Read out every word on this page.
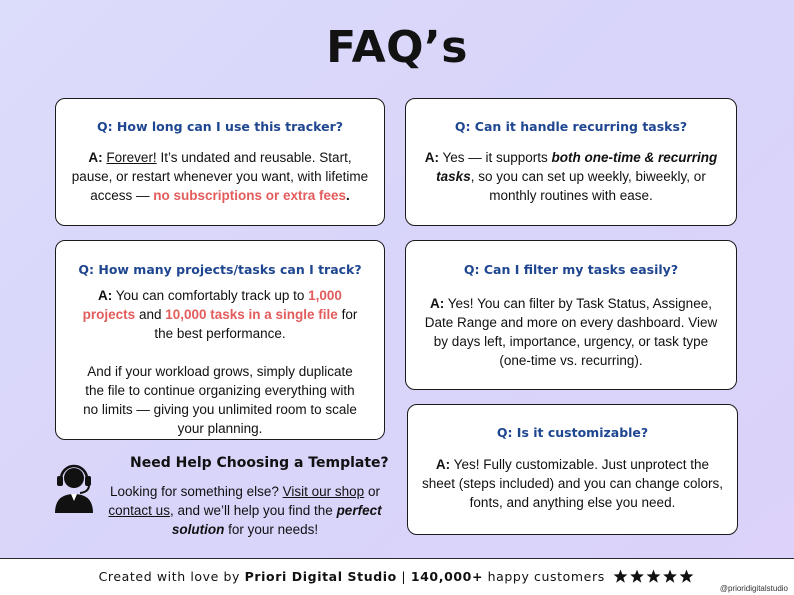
FAQ’s
Q: How long can I use this tracker?
A: Forever! It’s undated and reusable. Start, pause, or restart whenever you want, with lifetime access — no subscriptions or extra fees.
Q: Can it handle recurring tasks?
A: Yes — it supports both one-time & recurring tasks, so you can set up weekly, biweekly, or monthly routines with ease.
Q: How many projects/tasks can I track?
A: You can comfortably track up to 1,000 projects and 10,000 tasks in a single file for the best performance.
And if your workload grows, simply duplicate the file to continue organizing everything with no limits — giving you unlimited room to scale your planning.
Q: Can I filter my tasks easily?
A: Yes! You can filter by Task Status, Assignee, Date Range and more on every dashboard. View by days left, importance, urgency, or task type (one-time vs. recurring).
Q: Is it customizable?
A: Yes! Fully customizable. Just unprotect the sheet (steps included) and you can change colors, fonts, and anything else you need.
Need Help Choosing a Template?
Looking for something else? Visit our shop or contact us, and we’ll help you find the perfect solution for your needs!
Created with love by Priori Digital Studio | 140,000+ happy customers
@prioridigitalstudio
